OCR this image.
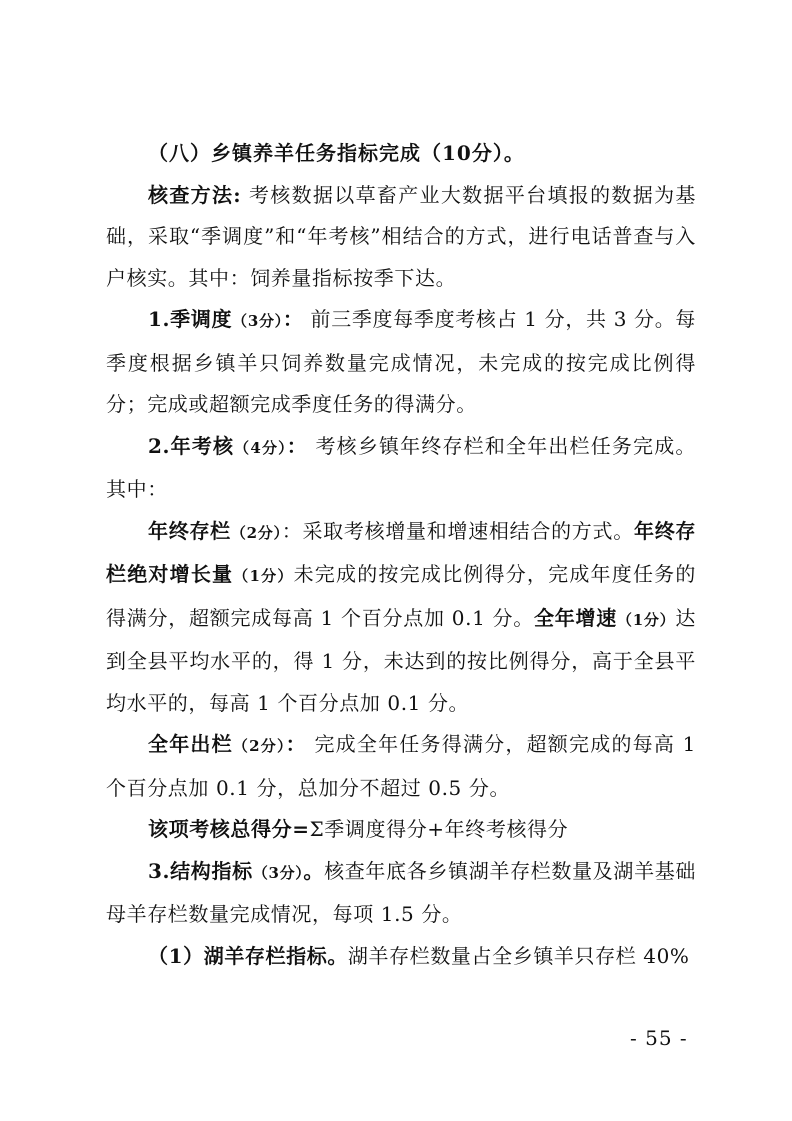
（八）乡镇养羊任务指标完成（10分）。

核查方法: 考核数据以草畜产业大数据平台填报的数据为基础，采取“季调度”和“年考核”相结合的方式，进行电话普查与入户核实。其中：饲养量指标按季下达。

1.季调度（3分）： 前三季度每季度考核占 1 分，共 3 分。每季度根据乡镇羊只饲养数量完成情况，未完成的按完成比例得分；完成或超额完成季度任务的得满分。

2.年考核（4分）： 考核乡镇年终存栏和全年出栏任务完成。其中：

年终存栏（2分）：采取考核增量和增速相结合的方式。年终存栏绝对增长量（1分）未完成的按完成比例得分，完成年度任务的得满分，超额完成每高 1 个百分点加 0.1 分。全年增速（1分）达到全县平均水平的，得 1 分，未达到的按比例得分，高于全县平均水平的，每高 1 个百分点加 0.1 分。

全年出栏（2分）： 完成全年任务得满分，超额完成的每高 1 个百分点加 0.1 分，总加分不超过 0.5 分。

该项考核总得分=Σ季调度得分+年终考核得分

3.结构指标（3分）。核查年底各乡镇湖羊存栏数量及湖羊基础母羊存栏数量完成情况，每项 1.5 分。

（1）湖羊存栏指标。湖羊存栏数量占全乡镇羊只存栏 40%

- 55 -
